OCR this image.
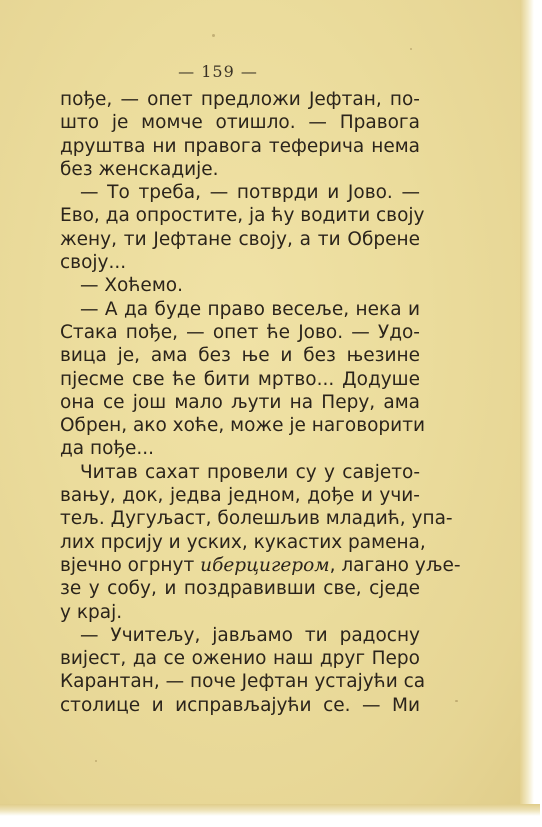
— 159 —
пође, — опет предложи Јефтан, по-
што је момче отишло. — Правога
друштва ни правога теферича нема
без женскадије.
— То треба, — потврди и Јово. —
Ево, да опростите, ја ћу водити своју
жену, ти Јефтане своју, а ти Обрене
своју...
— Хоћемо.
— А да буде право весеље, нека и
Стака пође, — опет ће Јово. — Удо-
вица је, ама без ње и без њезине
пјесме све ће бити мртво... Додуше
она се још мало љути на Перу, ама
Обрен, ако хоће, може је наговорити
да пође...
Читав сахат провели су у савјето-
вању, док, једва једном, дође и учи-
тељ. Дугуљаст, болешљив младић, упа-
лих прсију и уских, кукастих рамена,
вјечно огрнут иберцигером, лагано уље-
зе у собу, и поздравивши све, сједе
у крај.
— Учитељу, јављамо ти радосну
вијест, да се оженио наш друг Перо
Карантан, — поче Јефтан устајући са
столице и исправљајући се. — Ми
